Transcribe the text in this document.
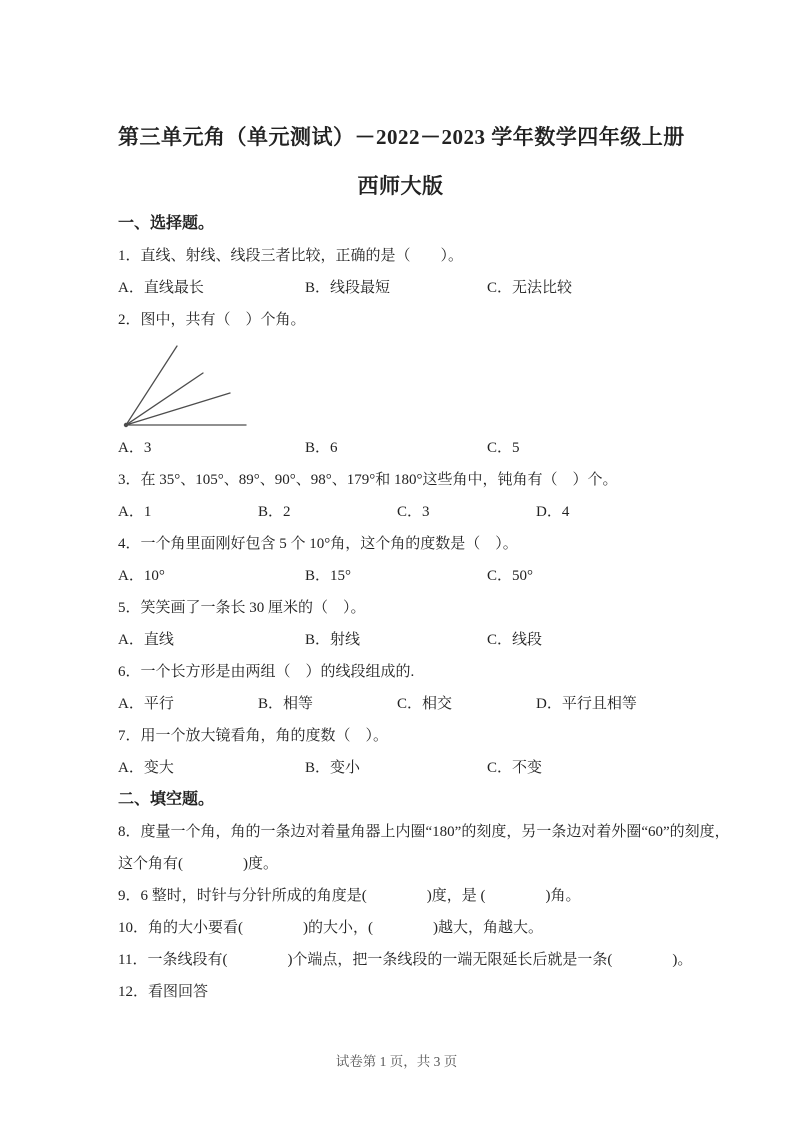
第三单元角（单元测试）－2022－2023 学年数学四年级上册
西师大版
一、选择题。
1．直线、射线、线段三者比较，正确的是（　　）。
A．直线最长	B．线段最短	C．无法比较
2．图中，共有（　）个角。
A．3	B．6	C．5
3．在 35°、105°、89°、90°、98°、179°和 180°这些角中，钝角有（　）个。
A．1	B．2	C．3	D．4
4．一个角里面刚好包含 5 个 10°角，这个角的度数是（　）。
A．10°	B．15°	C．50°
5．笑笑画了一条长 30 厘米的（　）。
A．直线	B．射线	C．线段
6．一个长方形是由两组（　）的线段组成的.
A．平行	B．相等	C．相交	D．平行且相等
7．用一个放大镜看角，角的度数（　）。
A．变大	B．变小	C．不变
二、填空题。
8．度量一个角，角的一条边对着量角器上内圈“180”的刻度，另一条边对着外圈“60”的刻度，
这个角有(　　　　)度。
9．6 整时，时针与分针所成的角度是(　　　　)度，是 (　　　　)角。
10．角的大小要看(　　　　)的大小，(　　　　)越大，角越大。
11．一条线段有(　　　　)个端点，把一条线段的一端无限延长后就是一条(　　　　)。
12．看图回答
试卷第 1 页，共 3 页
